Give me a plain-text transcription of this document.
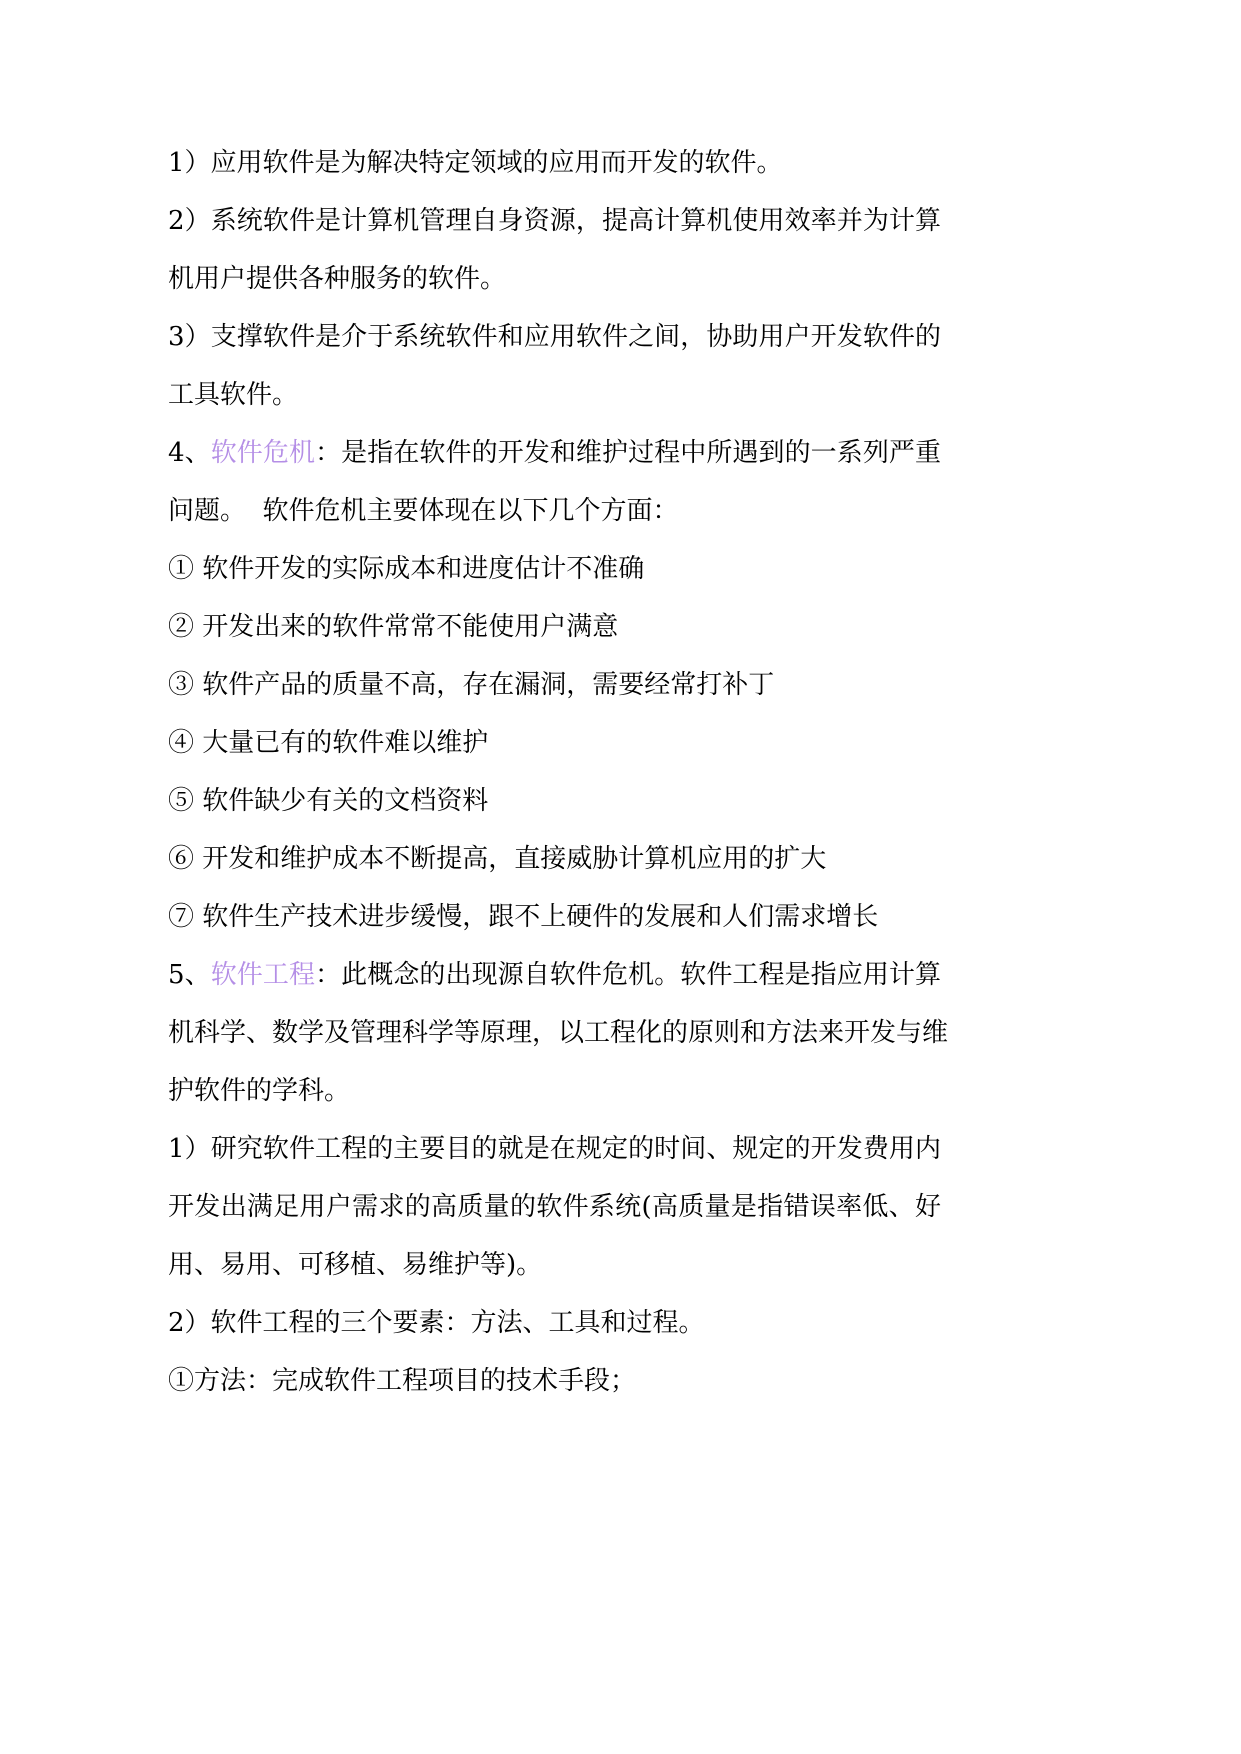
1）应用软件是为解决特定领域的应用而开发的软件。
2）系统软件是计算机管理自身资源，提高计算机使用效率并为计算
机用户提供各种服务的软件。
3）支撑软件是介于系统软件和应用软件之间，协助用户开发软件的
工具软件。
4、软件危机：是指在软件的开发和维护过程中所遇到的一系列严重
问题。  软件危机主要体现在以下几个方面：
① 软件开发的实际成本和进度估计不准确
② 开发出来的软件常常不能使用户满意
③ 软件产品的质量不高，存在漏洞，需要经常打补丁
④ 大量已有的软件难以维护
⑤ 软件缺少有关的文档资料
⑥ 开发和维护成本不断提高，直接威胁计算机应用的扩大
⑦ 软件生产技术进步缓慢，跟不上硬件的发展和人们需求增长
5、软件工程：此概念的出现源自软件危机。软件工程是指应用计算
机科学、数学及管理科学等原理，以工程化的原则和方法来开发与维
护软件的学科。
1）研究软件工程的主要目的就是在规定的时间、规定的开发费用内
开发出满足用户需求的高质量的软件系统(高质量是指错误率低、好
用、易用、可移植、易维护等)。
2）软件工程的三个要素：方法、工具和过程。
①方法：完成软件工程项目的技术手段；
